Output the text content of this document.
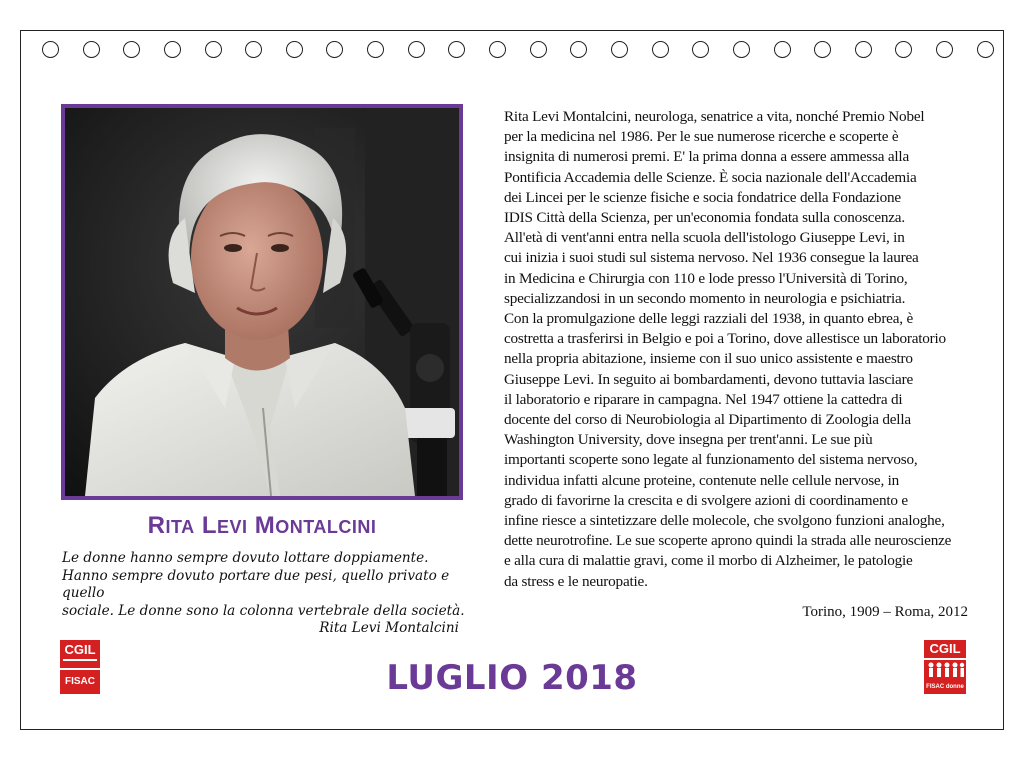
RITA LEVI MONTALCINI
Le donne hanno sempre dovuto lottare doppiamente.
Hanno sempre dovuto portare due pesi, quello privato e quello
sociale. Le donne sono la colonna vertebrale della società.
Rita Levi Montalcini
Rita Levi Montalcini, neurologa, senatrice a vita, nonché Premio Nobel
per la medicina nel 1986. Per le sue numerose ricerche e scoperte è
insignita di numerosi premi. E' la prima donna a essere ammessa alla
Pontificia Accademia delle Scienze. È socia nazionale dell'Accademia
dei Lincei per le scienze fisiche e socia fondatrice della Fondazione
IDIS Città della Scienza, per un'economia fondata sulla conoscenza.
All'età di vent'anni entra nella scuola dell'istologo Giuseppe Levi, in
cui inizia i suoi studi sul sistema nervoso. Nel 1936 consegue la laurea
in Medicina e Chirurgia con 110 e lode presso l'Università di Torino,
specializzandosi in un secondo momento in neurologia e psichiatria.
Con la promulgazione delle leggi razziali del 1938, in quanto ebrea, è
costretta a trasferirsi in Belgio e poi a Torino, dove allestisce un laboratorio
nella propria abitazione, insieme con il suo unico assistente e maestro
Giuseppe Levi. In seguito ai bombardamenti, devono tuttavia lasciare
il laboratorio e riparare in campagna. Nel 1947 ottiene la cattedra di
docente del corso di Neurobiologia al Dipartimento di Zoologia della
Washington University, dove insegna per trent'anni. Le sue più
importanti scoperte sono legate al funzionamento del sistema nervoso,
individua infatti alcune proteine, contenute nelle cellule nervose, in
grado di favorirne la crescita e di svolgere azioni di coordinamento e
infine riesce a sintetizzare delle molecole, che svolgono funzioni analoghe,
dette neurotrofine. Le sue scoperte aprono quindi la strada alle neuroscienze
e alla cura di malattie gravi, come il morbo di Alzheimer, le patologie
da stress e le neuropatie.
Torino, 1909 – Roma, 2012
LUGLIO 2018
CGIL
FISAC
CGIL
FISAC donne
